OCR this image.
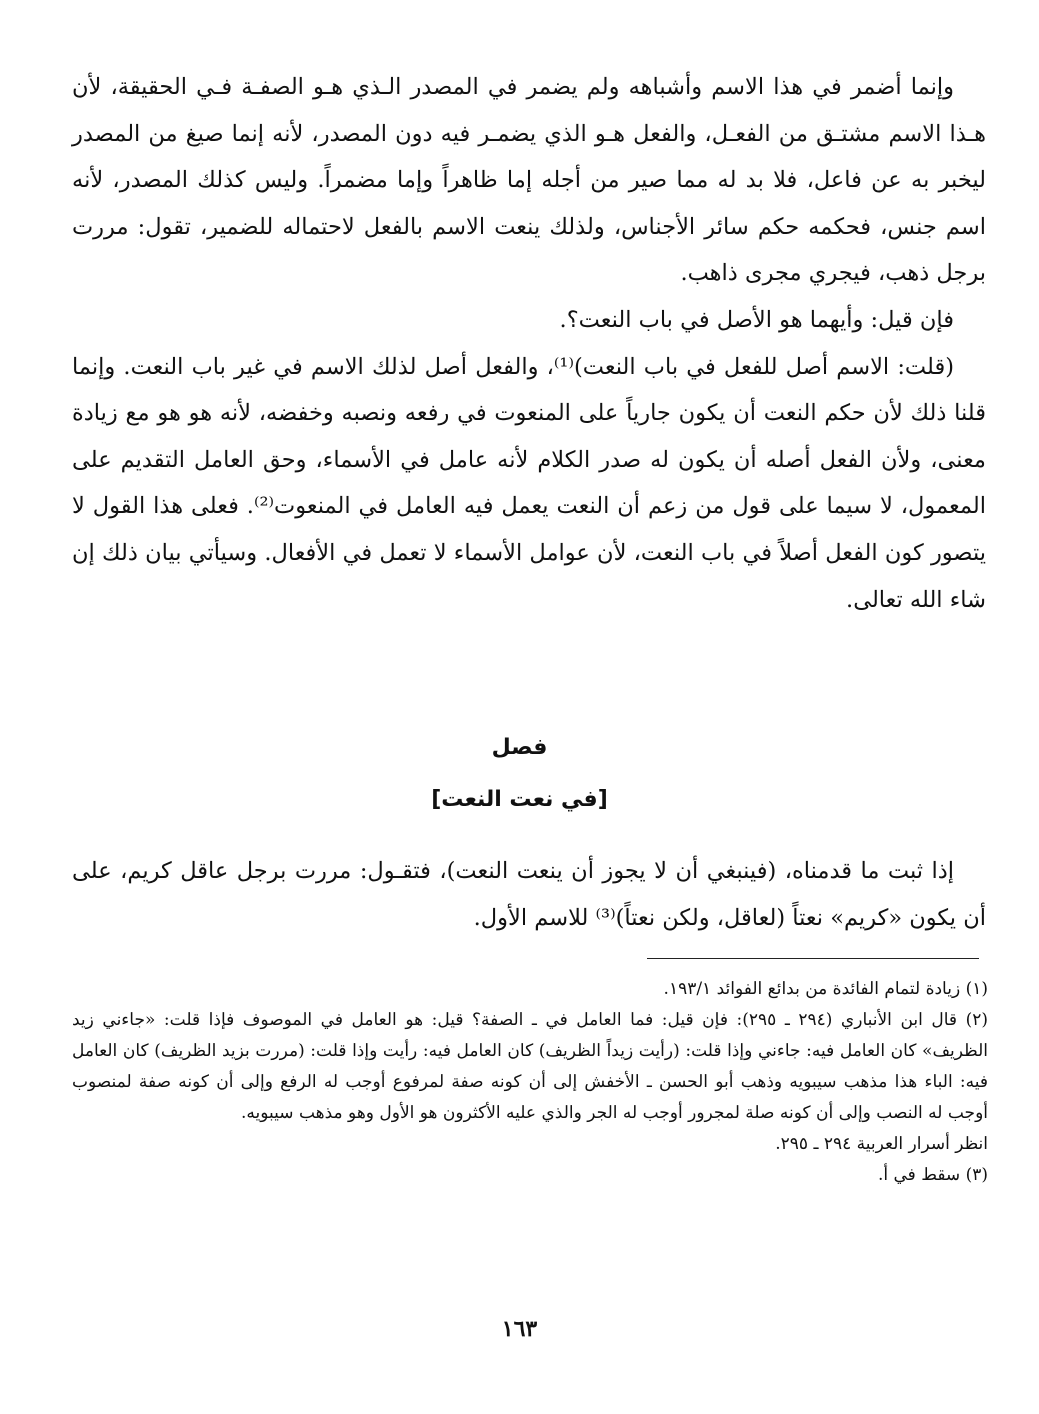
وإنما أضمر في هذا الاسم وأشباهه ولم يضمر في المصدر الـذي هـو الصفـة فـي الحقيقة، لأن هـذا الاسم مشتـق من الفعـل، والفعل هـو الذي يضمـر فيه دون المصدر، لأنه إنما صيغ من المصدر ليخبر به عن فاعل، فلا بد له مما صير من أجله إما ظاهراً وإما مضمراً. وليس كذلك المصدر، لأنه اسم جنس، فحكمه حكم سائر الأجناس، ولذلك ينعت الاسم بالفعل لاحتماله للضمير، تقول: مررت برجل ذهب، فيجري مجرى ذاهب.

فإن قيل: وأيهما هو الأصل في باب النعت؟.

(قلت: الاسم أصل للفعل في باب النعت)⁽¹⁾، والفعل أصل لذلك الاسم في غير باب النعت. وإنما قلنا ذلك لأن حكم النعت أن يكون جارياً على المنعوت في رفعه ونصبه وخفضه، لأنه هو هو مع زيادة معنى، ولأن الفعل أصله أن يكون له صدر الكلام لأنه عامل في الأسماء، وحق العامل التقديم على المعمول، لا سيما على قول من زعم أن النعت يعمل فيه العامل في المنعوت⁽²⁾. فعلى هذا القول لا يتصور كون الفعل أصلاً في باب النعت، لأن عوامل الأسماء لا تعمل في الأفعال. وسيأتي بيان ذلك إن شاء الله تعالى.

فصل
[في نعت النعت]

إذا ثبت ما قدمناه، (فينبغي أن لا يجوز أن ينعت النعت)، فتقـول: مررت برجل عاقل كريم، على أن يكون «كريم» نعتاً (لعاقل، ولكن نعتاً)⁽³⁾ للاسم الأول.

(١) زيادة لتمام الفائدة من بدائع الفوائد ١٩٣/١.

(٢) قال ابن الأنباري (٢٩٤ ـ ٢٩٥): فإن قيل: فما العامل في ـ الصفة؟ قيل: هو العامل في الموصوف فإذا قلت: «جاءني زيد الظريف» كان العامل فيه: جاءني وإذا قلت: (رأيت زيداً الظريف) كان العامل فيه: رأيت وإذا قلت: (مررت بزيد الظريف) كان العامل فيه: الباء هذا مذهب سيبويه وذهب أبو الحسن ـ الأخفش إلى أن كونه صفة لمرفوع أوجب له الرفع وإلى أن كونه صفة لمنصوب أوجب له النصب وإلى أن كونه صلة لمجرور أوجب له الجر والذي عليه الأكثرون هو الأول وهو مذهب سيبويه.

انظر أسرار العربية ٢٩٤ ـ ٢٩٥.

(٣) سقط في أ.

١٦٣
